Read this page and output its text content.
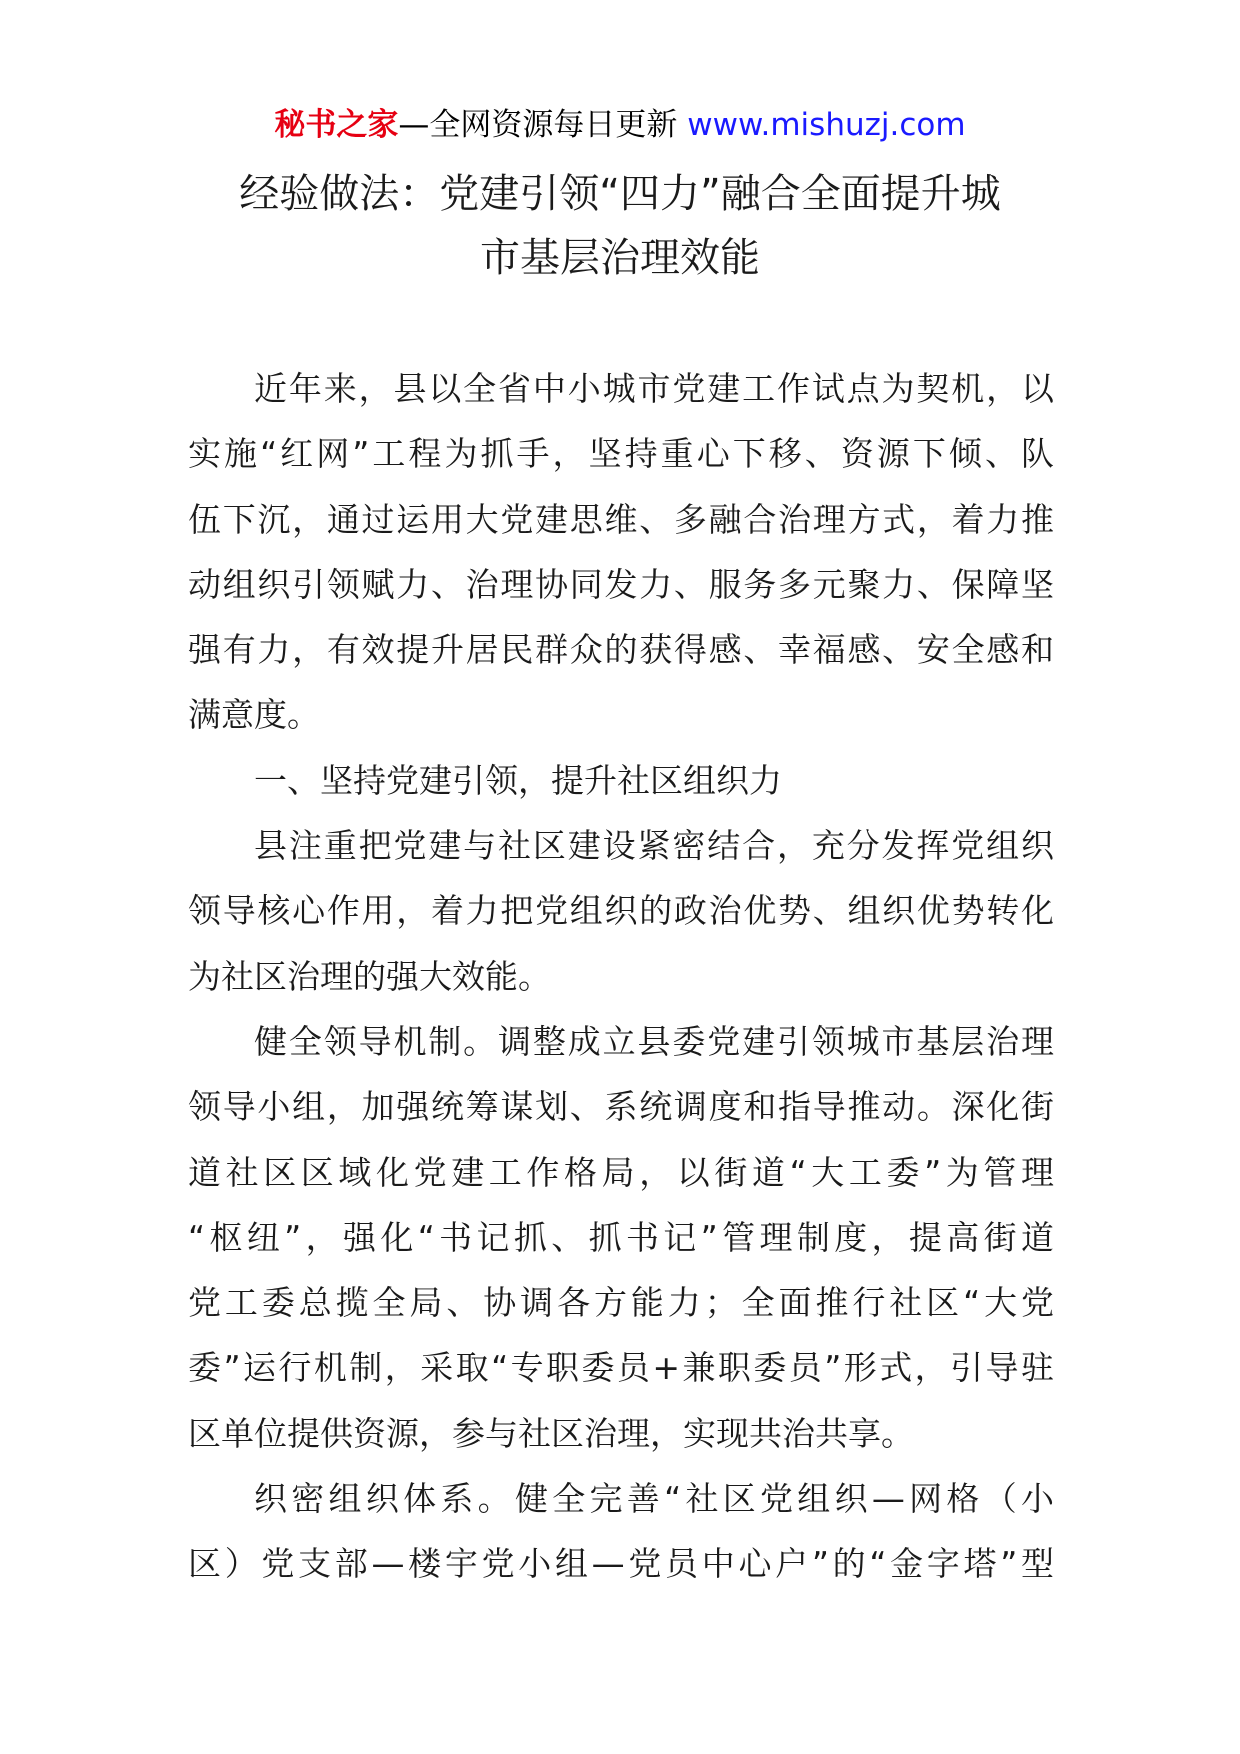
秘书之家—全网资源每日更新 www.mishuzj.com
经验做法：党建引领“四力”融合全面提升城
市基层治理效能
近年来，县以全省中小城市党建工作试点为契机，以
实施“红网”工程为抓手，坚持重心下移、资源下倾、队
伍下沉，通过运用大党建思维、多融合治理方式，着力推
动组织引领赋力、治理协同发力、服务多元聚力、保障坚
强有力，有效提升居民群众的获得感、幸福感、安全感和
满意度。
一、坚持党建引领，提升社区组织力
县注重把党建与社区建设紧密结合，充分发挥党组织
领导核心作用，着力把党组织的政治优势、组织优势转化
为社区治理的强大效能。
健全领导机制。调整成立县委党建引领城市基层治理
领导小组，加强统筹谋划、系统调度和指导推动。深化街
道社区区域化党建工作格局，以街道“大工委”为管理
“枢纽”，强化“书记抓、抓书记”管理制度，提高街道
党工委总揽全局、协调各方能力；全面推行社区“大党
委”运行机制，采取“专职委员+兼职委员”形式，引导驻
区单位提供资源，参与社区治理，实现共治共享。
织密组织体系。健全完善“社区党组织—网格（小
区）党支部—楼宇党小组—党员中心户”的“金字塔”型
